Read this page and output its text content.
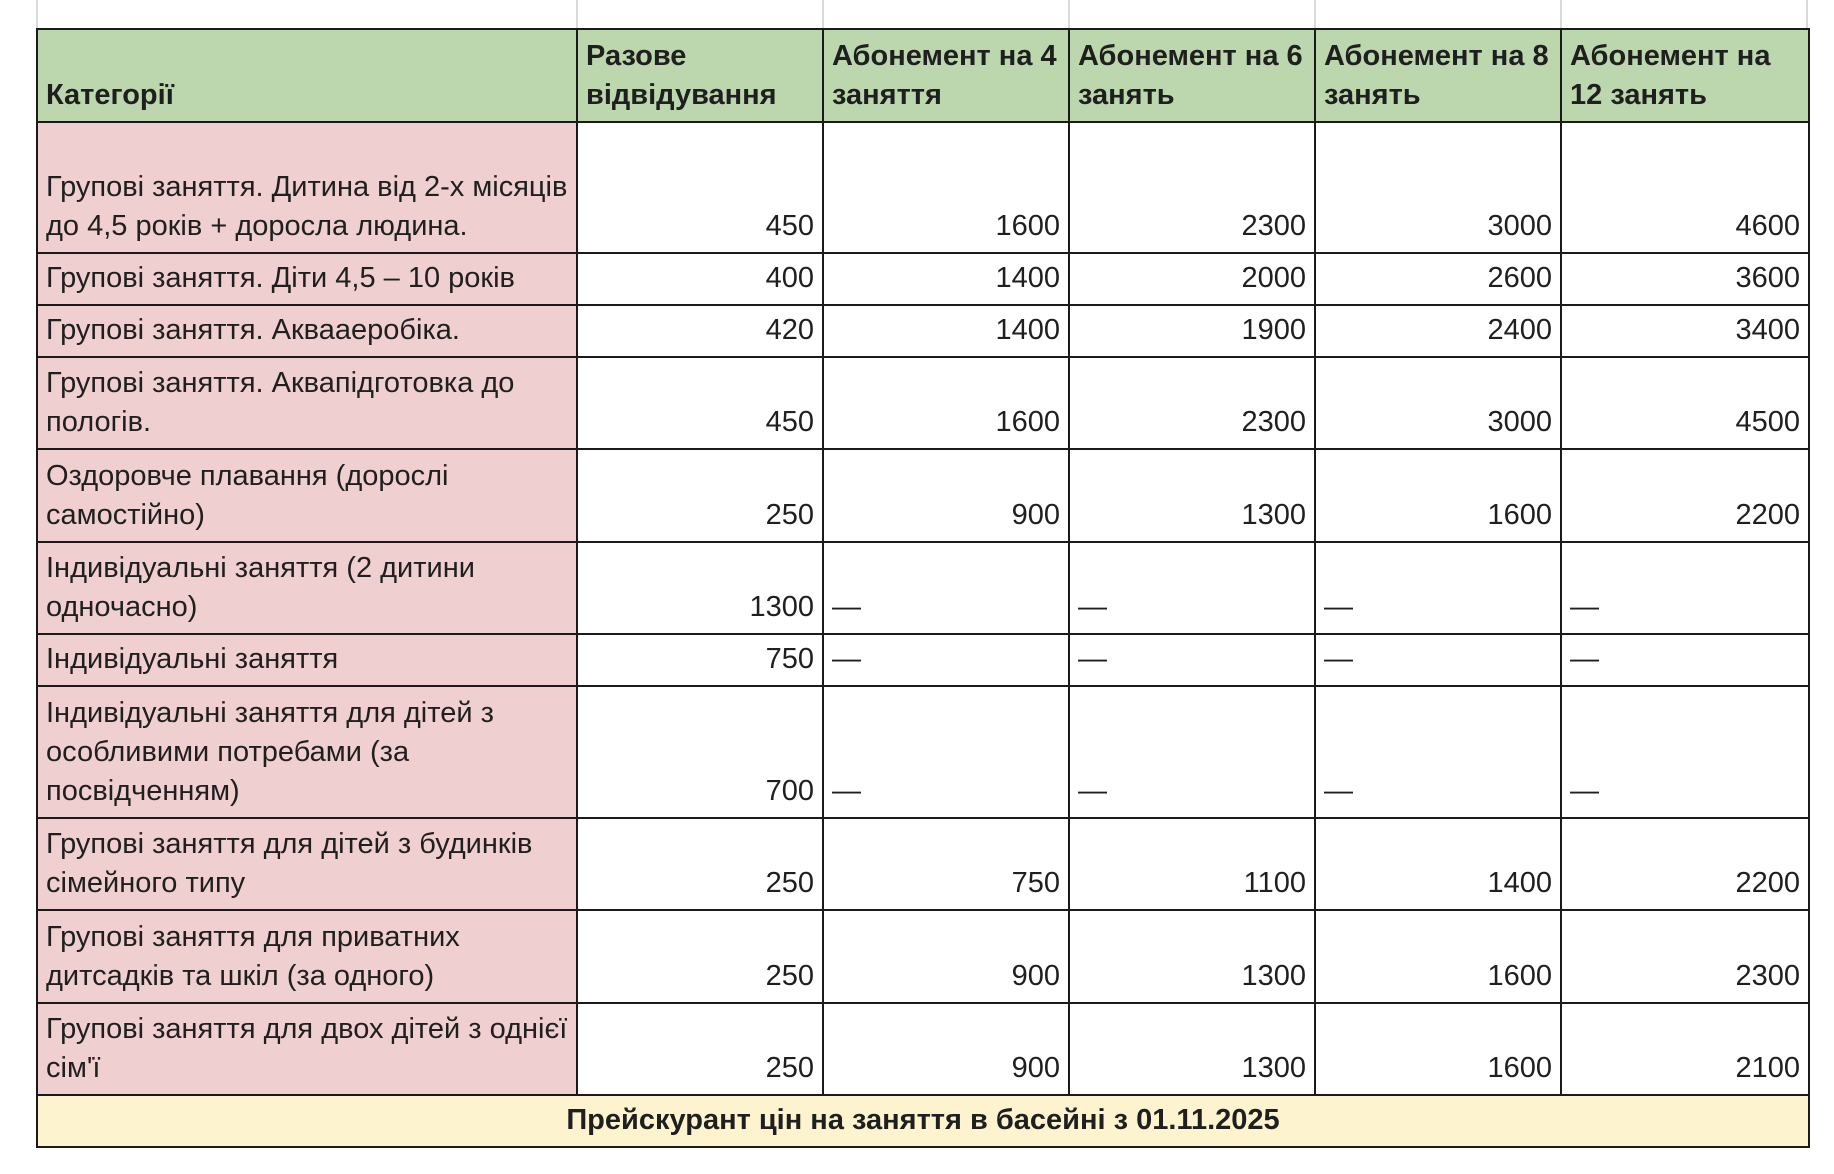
Категорії	Разове відвідування	Абонемент на 4 заняття	Абонемент на 6 занять	Абонемент на 8 занять	Абонемент на 12 занять
Групові заняття. Дитина від 2-х місяців до 4,5 років + доросла людина.	450	1600	2300	3000	4600
Групові заняття. Діти 4,5 – 10 років	400	1400	2000	2600	3600
Групові заняття. Аквааеробіка.	420	1400	1900	2400	3400
Групові заняття. Аквапідготовка до пологів.	450	1600	2300	3000	4500
Оздоровче плавання (дорослі самостійно)	250	900	1300	1600	2200
Індивідуальні заняття (2 дитини одночасно)	1300	—	—	—	—
Індивідуальні заняття	750	—	—	—	—
Індивідуальні заняття для дітей з особливими потребами (за посвідченням)	700	—	—	—	—
Групові заняття для дітей з будинків сімейного типу	250	750	1100	1400	2200
Групові заняття для приватних дитсадків та шкіл (за одного)	250	900	1300	1600	2300
Групові заняття для двох дітей з однієї сім'ї	250	900	1300	1600	2100
Прейскурант цін на заняття в басейні з 01.11.2025					
